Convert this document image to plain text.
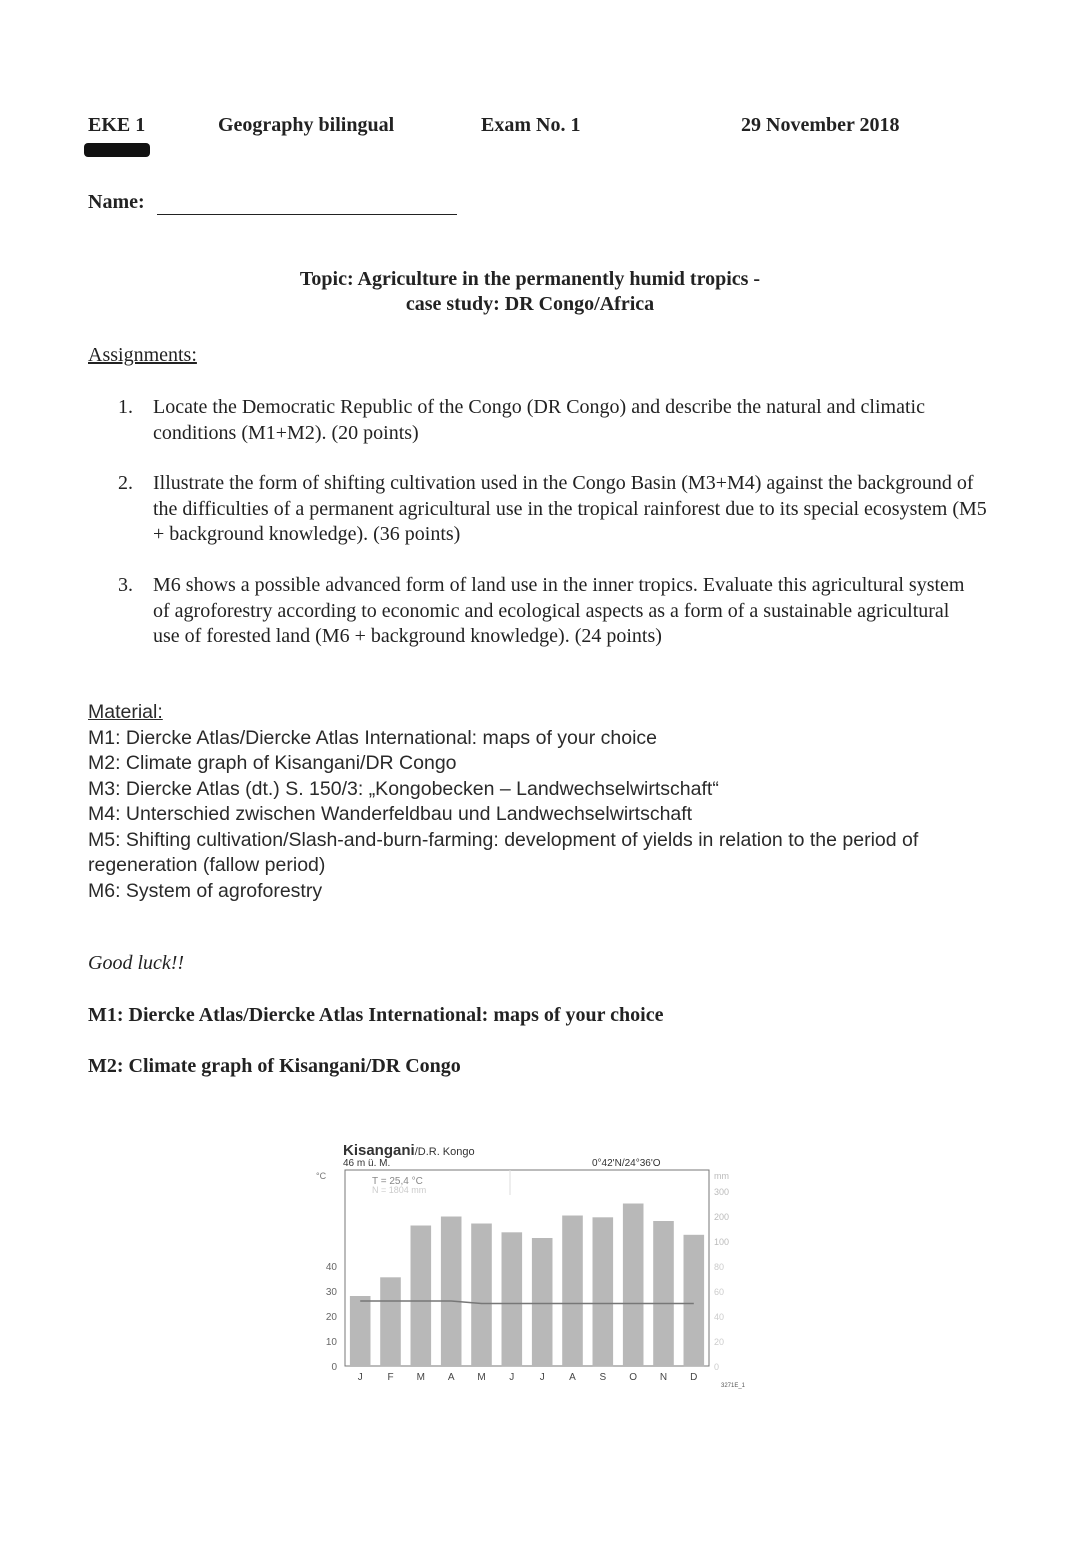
EKE 1	Geography bilingual	Exam No. 1	29 November 2018
Name:
Topic: Agriculture in the permanently humid tropics -
case study: DR Congo/Africa
Assignments:
1.	Locate the Democratic Republic of the Congo (DR Congo) and describe the natural and climatic conditions (M1+M2). (20 points)
2.	Illustrate the form of shifting cultivation used in the Congo Basin (M3+M4) against the background of the difficulties of a permanent agricultural use in the tropical rainforest due to its special ecosystem (M5 + background knowledge). (36 points)
3.	M6 shows a possible advanced form of land use in the inner tropics. Evaluate this agricultural system of agroforestry according to economic and ecological aspects as a form of a sustainable agricultural use of forested land (M6 + background knowledge). (24 points)
Material:
M1: Diercke Atlas/Diercke Atlas International: maps of your choice
M2: Climate graph of Kisangani/DR Congo
M3: Diercke Atlas (dt.) S. 150/3: „Kongobecken – Landwechselwirtschaft“
M4: Unterschied zwischen Wanderfeldbau und Landwechselwirtschaft
M5: Shifting cultivation/Slash-and-burn-farming: development of yields in relation to the period of regeneration (fallow period)
M6: System of agroforestry
Good luck!!
M1: Diercke Atlas/Diercke Atlas International: maps of your choice
M2: Climate graph of Kisangani/DR Congo
Kisangani/D.R. Kongo
46 m ü. M.	0°42'N/24°36'O
°C	mm
T = 25,4 °C
N = 1804 mm
J F M A M J	J A S O N D
0
10
20
30
40
0
20
40
60
80
100
200
300
3271E_1
